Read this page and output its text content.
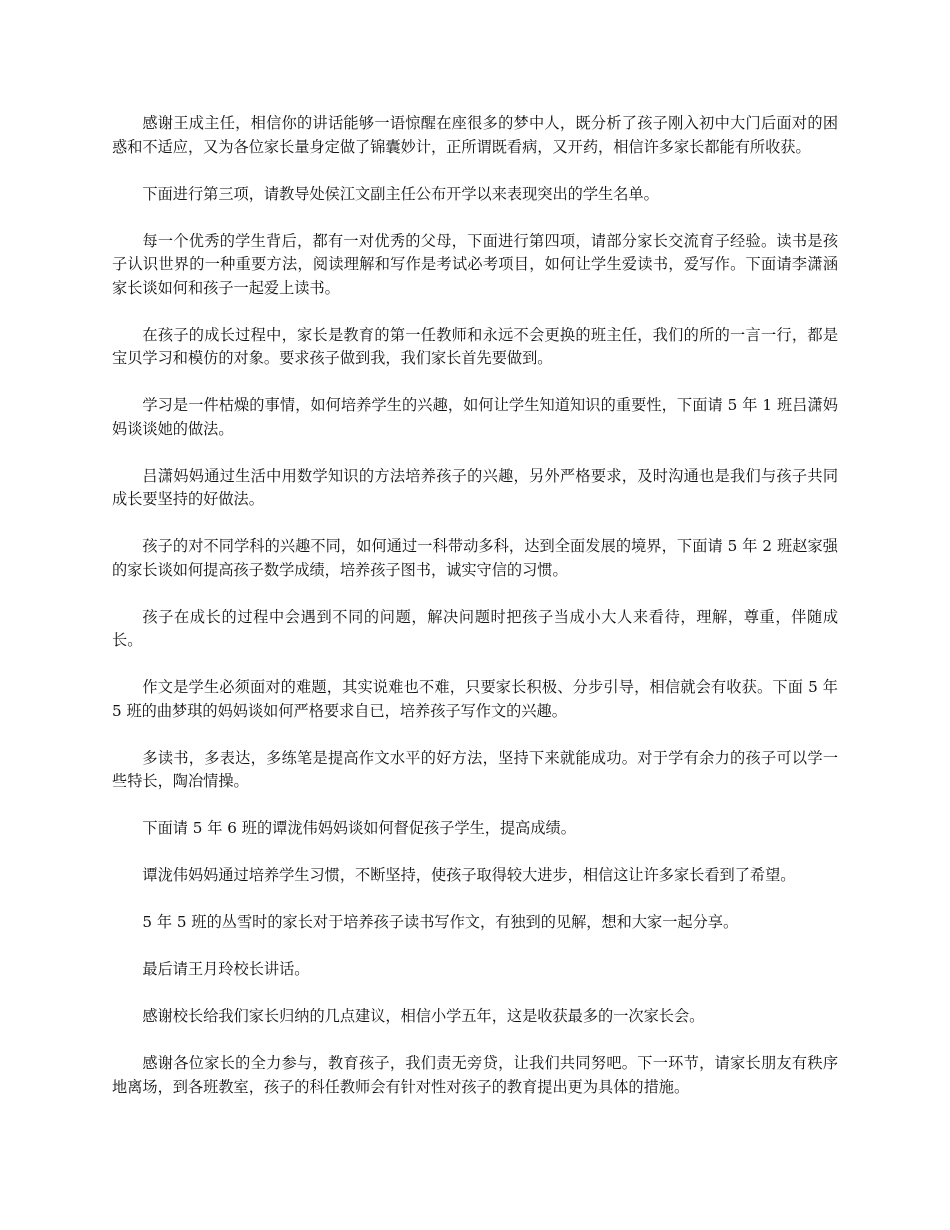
感谢王成主任，相信你的讲话能够一语惊醒在座很多的梦中人，既分析了孩子刚入初中大门后面对的困惑和不适应，又为各位家长量身定做了锦囊妙计，正所谓既看病，又开药，相信许多家长都能有所收获。

下面进行第三项，请教导处侯江文副主任公布开学以来表现突出的学生名单。

每一个优秀的学生背后，都有一对优秀的父母，下面进行第四项，请部分家长交流育子经验。读书是孩子认识世界的一种重要方法，阅读理解和写作是考试必考项目，如何让学生爱读书，爱写作。下面请李潇涵家长谈如何和孩子一起爱上读书。

在孩子的成长过程中，家长是教育的第一任教师和永远不会更换的班主任，我们的所的一言一行，都是宝贝学习和模仿的对象。要求孩子做到我，我们家长首先要做到。

学习是一件枯燥的事情，如何培养学生的兴趣，如何让学生知道知识的重要性，下面请 5 年 1 班吕潇妈妈谈谈她的做法。

吕潇妈妈通过生活中用数学知识的方法培养孩子的兴趣，另外严格要求，及时沟通也是我们与孩子共同成长要坚持的好做法。

孩子的对不同学科的兴趣不同，如何通过一科带动多科，达到全面发展的境界，下面请 5 年 2 班赵家强的家长谈如何提高孩子数学成绩，培养孩子图书，诚实守信的习惯。

孩子在成长的过程中会遇到不同的问题，解决问题时把孩子当成小大人来看待，理解，尊重，伴随成长。

作文是学生必须面对的难题，其实说难也不难，只要家长积极、分步引导，相信就会有收获。下面 5 年 5 班的曲梦琪的妈妈谈如何严格要求自已，培养孩子写作文的兴趣。

多读书，多表达，多练笔是提高作文水平的好方法，坚持下来就能成功。对于学有余力的孩子可以学一些特长，陶冶情操。

下面请 5 年 6 班的谭泷伟妈妈谈如何督促孩子学生，提高成绩。

谭泷伟妈妈通过培养学生习惯，不断坚持，使孩子取得较大进步，相信这让许多家长看到了希望。

5 年 5 班的丛雪时的家长对于培养孩子读书写作文，有独到的见解，想和大家一起分享。

最后请王月玲校长讲话。

感谢校长给我们家长归纳的几点建议，相信小学五年，这是收获最多的一次家长会。

感谢各位家长的全力参与，教育孩子，我们责无旁贷，让我们共同努吧。下一环节，请家长朋友有秩序地离场，到各班教室，孩子的科任教师会有针对性对孩子的教育提出更为具体的措施。
